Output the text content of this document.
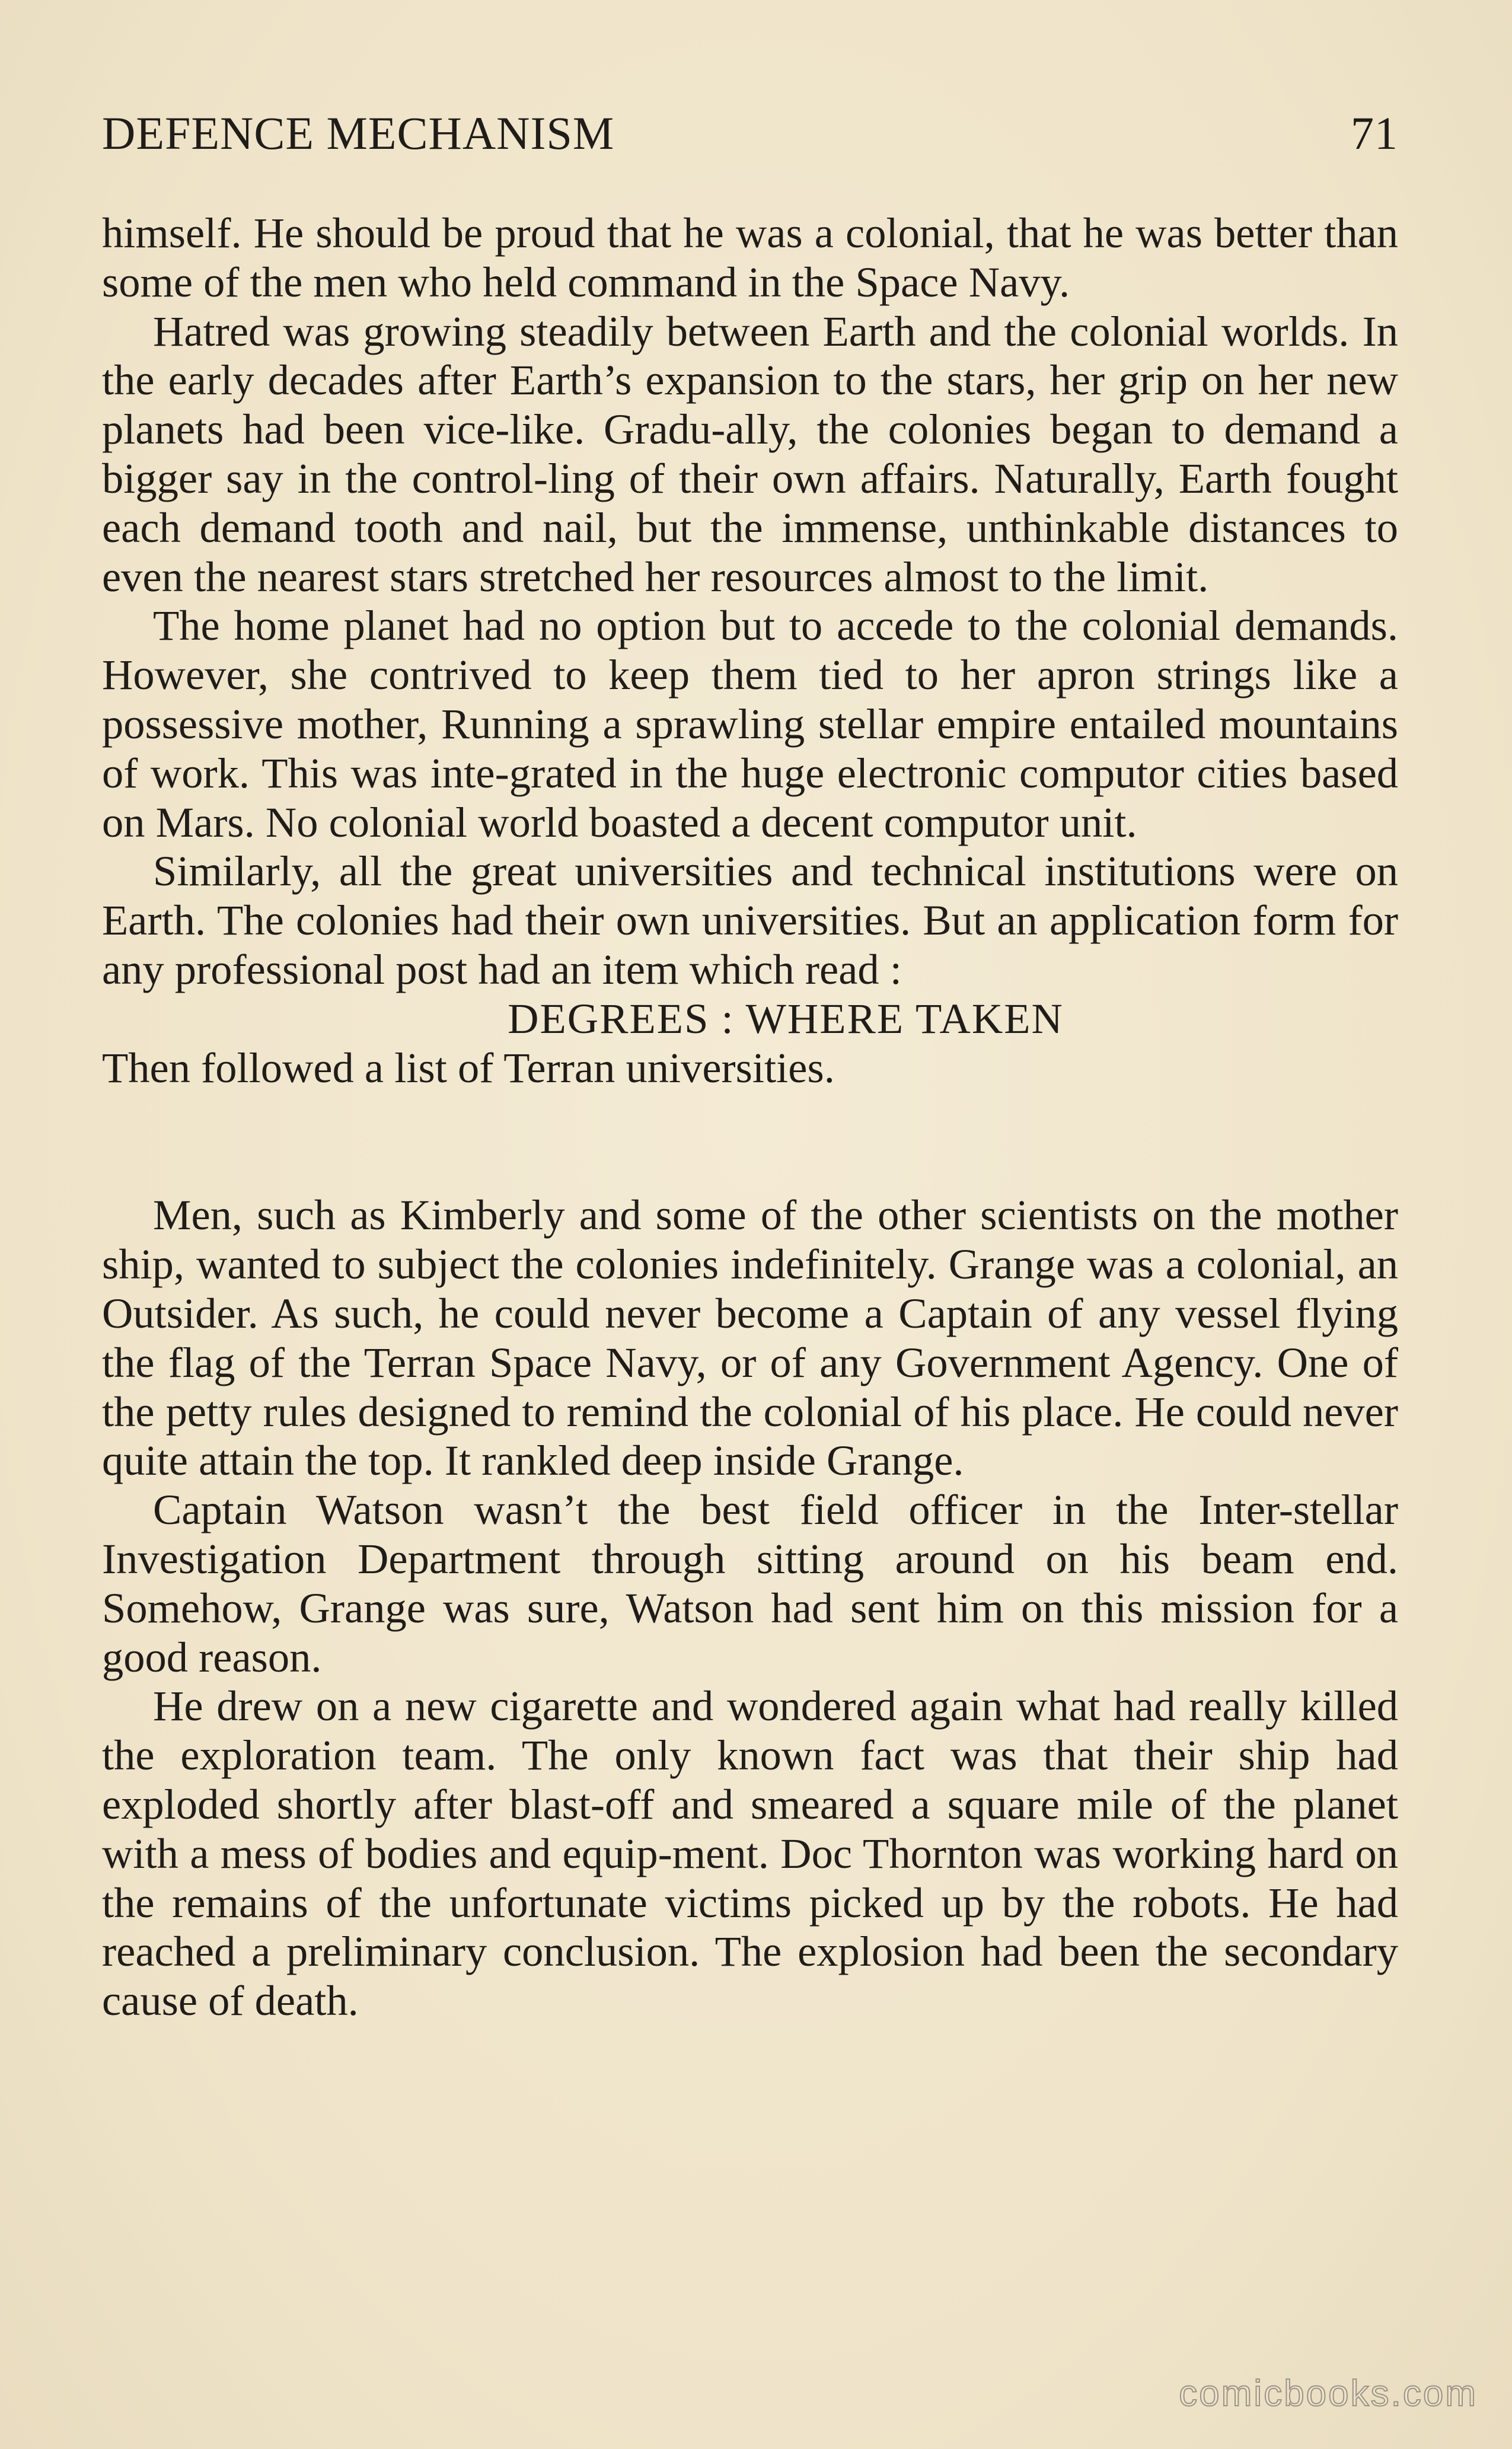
DEFENCE MECHANISM	71

himself. He should be proud that he was a colonial, that he was better than some of the men who held command in the Space Navy.

Hatred was growing steadily between Earth and the colonial worlds. In the early decades after Earth’s expansion to the stars, her grip on her new planets had been vice-like. Gradu-ally, the colonies began to demand a bigger say in the control-ling of their own affairs. Naturally, Earth fought each demand tooth and nail, but the immense, unthinkable distances to even the nearest stars stretched her resources almost to the limit.

The home planet had no option but to accede to the colonial demands. However, she contrived to keep them tied to her apron strings like a possessive mother, Running a sprawling stellar empire entailed mountains of work. This was inte-grated in the huge electronic computor cities based on Mars. No colonial world boasted a decent computor unit.

Similarly, all the great universities and technical institutions were on Earth. The colonies had their own universities. But an application form for any professional post had an item which read :

DEGREES : WHERE TAKEN

Then followed a list of Terran universities.

Men, such as Kimberly and some of the other scientists on the mother ship, wanted to subject the colonies indefinitely. Grange was a colonial, an Outsider. As such, he could never become a Captain of any vessel flying the flag of the Terran Space Navy, or of any Government Agency. One of the petty rules designed to remind the colonial of his place. He could never quite attain the top. It rankled deep inside Grange.

Captain Watson wasn’t the best field officer in the Inter-stellar Investigation Department through sitting around on his beam end. Somehow, Grange was sure, Watson had sent him on this mission for a good reason.

He drew on a new cigarette and wondered again what had really killed the exploration team. The only known fact was that their ship had exploded shortly after blast-off and smeared a square mile of the planet with a mess of bodies and equip-ment. Doc Thornton was working hard on the remains of the unfortunate victims picked up by the robots. He had reached a preliminary conclusion. The explosion had been the secondary cause of death.

comicbooks.com
